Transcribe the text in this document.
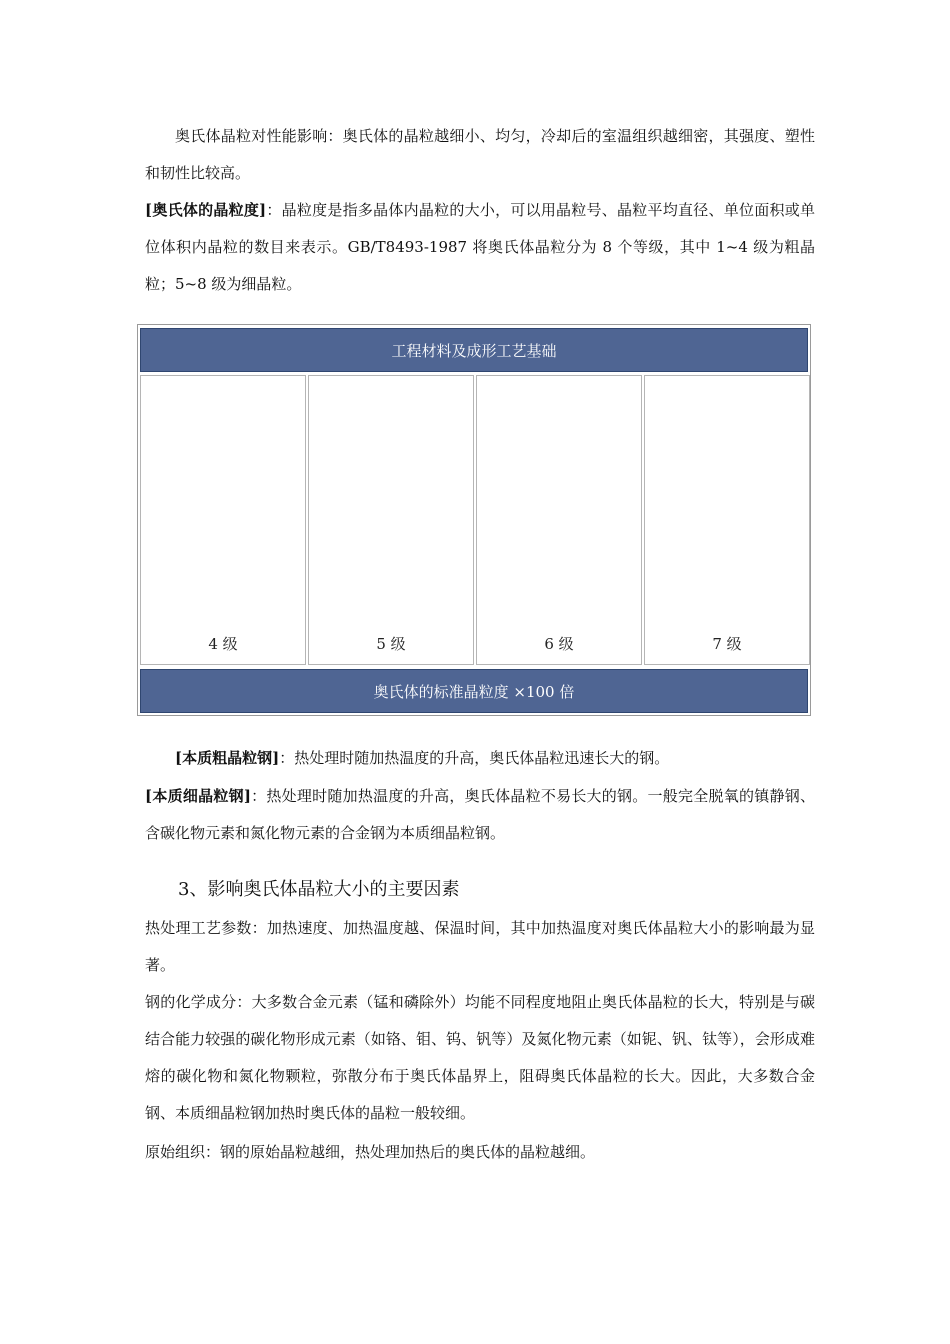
奥氏体晶粒对性能影响：奥氏体的晶粒越细小、均匀，冷却后的室温组织越细密，其强度、塑性和韧性比较高。

[奥氏体的晶粒度]：晶粒度是指多晶体内晶粒的大小，可以用晶粒号、晶粒平均直径、单位面积或单位体积内晶粒的数目来表示。GB/T8493-1987 将奥氏体晶粒分为 8 个等级，其中 1~4 级为粗晶粒；5~8 级为细晶粒。

工程材料及成形工艺基础
4 级	5 级	6 级	7 级
奥氏体的标准晶粒度 ×100 倍

[本质粗晶粒钢]：热处理时随加热温度的升高，奥氏体晶粒迅速长大的钢。

[本质细晶粒钢]：热处理时随加热温度的升高，奥氏体晶粒不易长大的钢。一般完全脱氧的镇静钢、含碳化物元素和氮化物元素的合金钢为本质细晶粒钢。

3、影响奥氏体晶粒大小的主要因素

热处理工艺参数：加热速度、加热温度越、保温时间，其中加热温度对奥氏体晶粒大小的影响最为显著。

钢的化学成分：大多数合金元素（锰和磷除外）均能不同程度地阻止奥氏体晶粒的长大，特别是与碳结合能力较强的碳化物形成元素（如铬、钼、钨、钒等）及氮化物元素（如铌、钒、钛等），会形成难熔的碳化物和氮化物颗粒，弥散分布于奥氏体晶界上，阻碍奥氏体晶粒的长大。因此，大多数合金钢、本质细晶粒钢加热时奥氏体的晶粒一般较细。

原始组织：钢的原始晶粒越细，热处理加热后的奥氏体的晶粒越细。
